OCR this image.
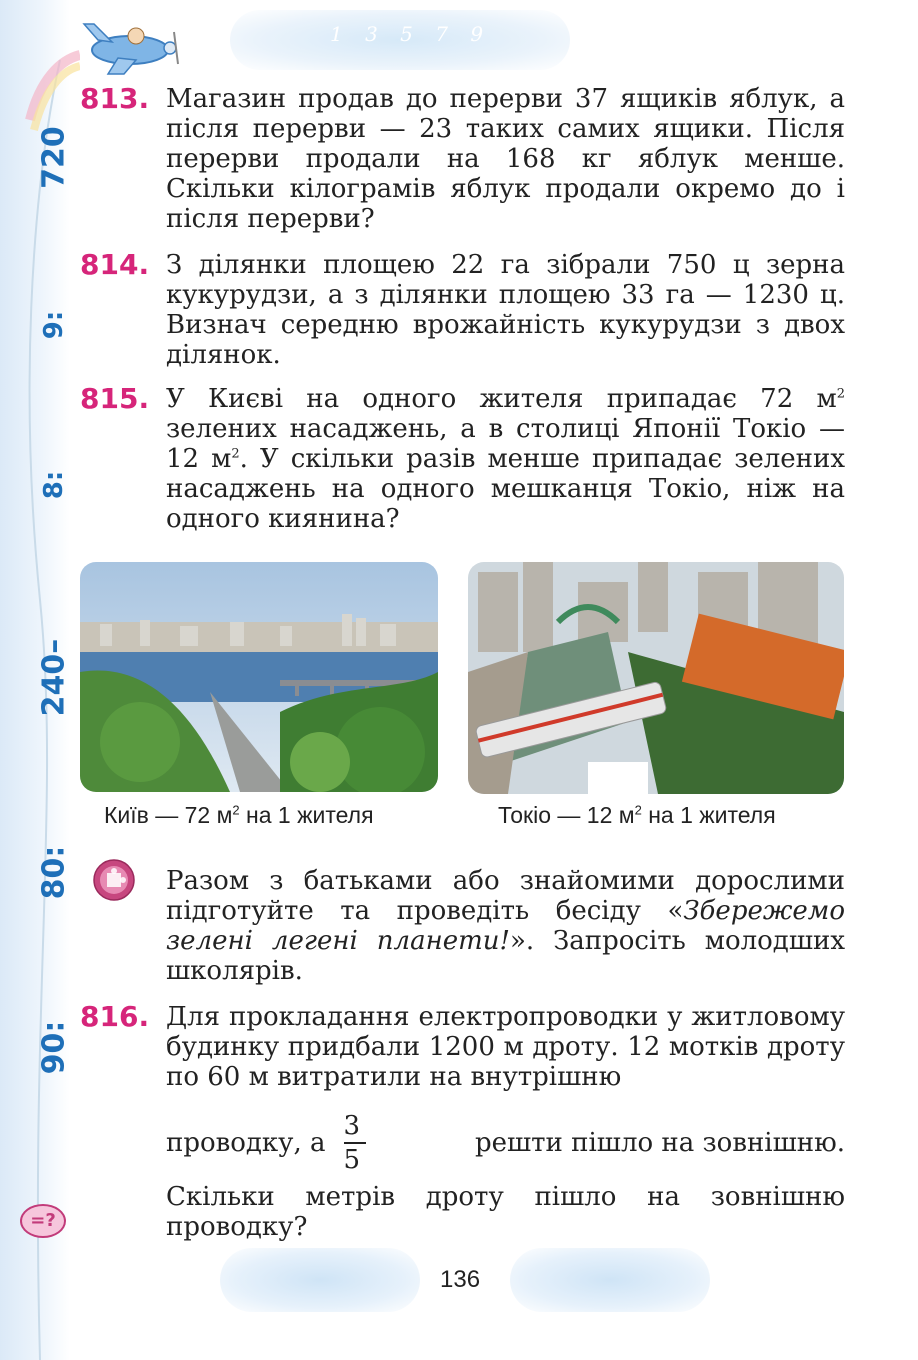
720
9:
8:
240–
80:
90:
1 3 5 7 9
813. Магазин продав до перерви 37 ящиків яблук, а після перерви — 23 таких самих ящики. Після перерви продали на 168 кг яблук менше. Скільки кілограмів яблук продали окремо до і після перерви?
814. З ділянки площею 22 га зібрали 750 ц зерна кукурудзи, а з ділянки площею 33 га — 1230 ц. Визнач середню врожайність кукурудзи з двох ділянок.
815. У Києві на одного жителя припадає 72 $м^2$ зелених насаджень, а в столиці Японії Токіо — 12 $м^2$. У скільки разів менше припадає зелених насаджень на одного мешканця Токіо, ніж на одного киянина?
Київ — 72 $м^2$ на 1 жителя	Токіо — 12 $м^2$ на 1 жителя
Разом з батьками або знайомими дорослими підготуйте та проведіть бесіду «Збережемо зелені легені планети!». Запросіть молодших школярів.
816. Для прокладання електропроводки у житловому будинку придбали 1200 м дроту. 12 мотків дроту по 60 м витратили на внутрішню
проводку, а $\frac{3}{5}$	решти пішло на зовнішню.
Скільки метрів дроту пішло на зовнішню проводку?
=?
136
